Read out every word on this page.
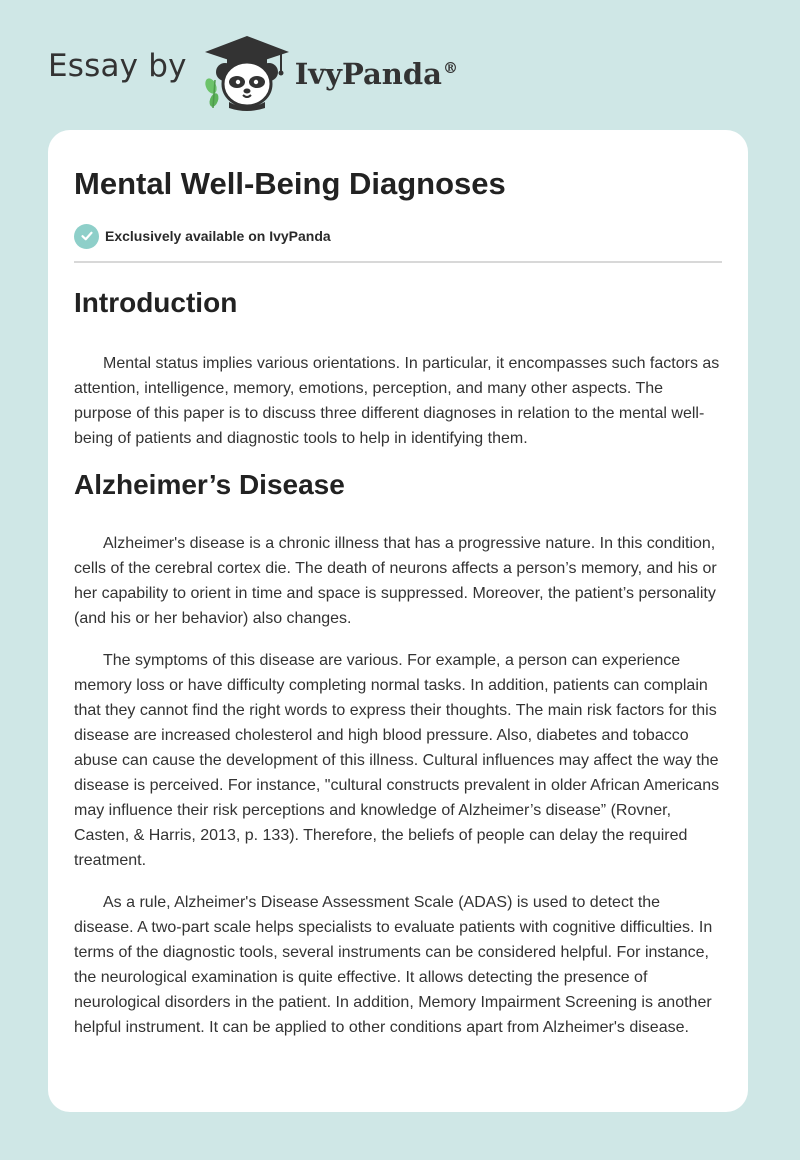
Essay by	IvyPanda®
Mental Well-Being Diagnoses
Exclusively available on IvyPanda
Introduction

Mental status implies various orientations. In particular, it encompasses such factors as attention, intelligence, memory, emotions, perception, and many other aspects. The purpose of this paper is to discuss three different diagnoses in relation to the mental well-being of patients and diagnostic tools to help in identifying them.

Alzheimer’s Disease

Alzheimer's disease is a chronic illness that has a progressive nature. In this condition, cells of the cerebral cortex die. The death of neurons affects a person’s memory, and his or her capability to orient in time and space is suppressed. Moreover, the patient’s personality (and his or her behavior) also changes.

The symptoms of this disease are various. For example, a person can experience memory loss or have difficulty completing normal tasks. In addition, patients can complain that they cannot find the right words to express their thoughts. The main risk factors for this disease are increased cholesterol and high blood pressure. Also, diabetes and tobacco abuse can cause the development of this illness. Cultural influences may affect the way the disease is perceived. For instance, "cultural constructs prevalent in older African Americans may influence their risk perceptions and knowledge of Alzheimer’s disease” (Rovner, Casten, & Harris, 2013, p. 133). Therefore, the beliefs of people can delay the required treatment.

As a rule, Alzheimer's Disease Assessment Scale (ADAS) is used to detect the disease. A two-part scale helps specialists to evaluate patients with cognitive difficulties. In terms of the diagnostic tools, several instruments can be considered helpful. For instance, the neurological examination is quite effective. It allows detecting the presence of neurological disorders in the patient. In addition, Memory Impairment Screening is another helpful instrument. It can be applied to other conditions apart from Alzheimer's disease.
